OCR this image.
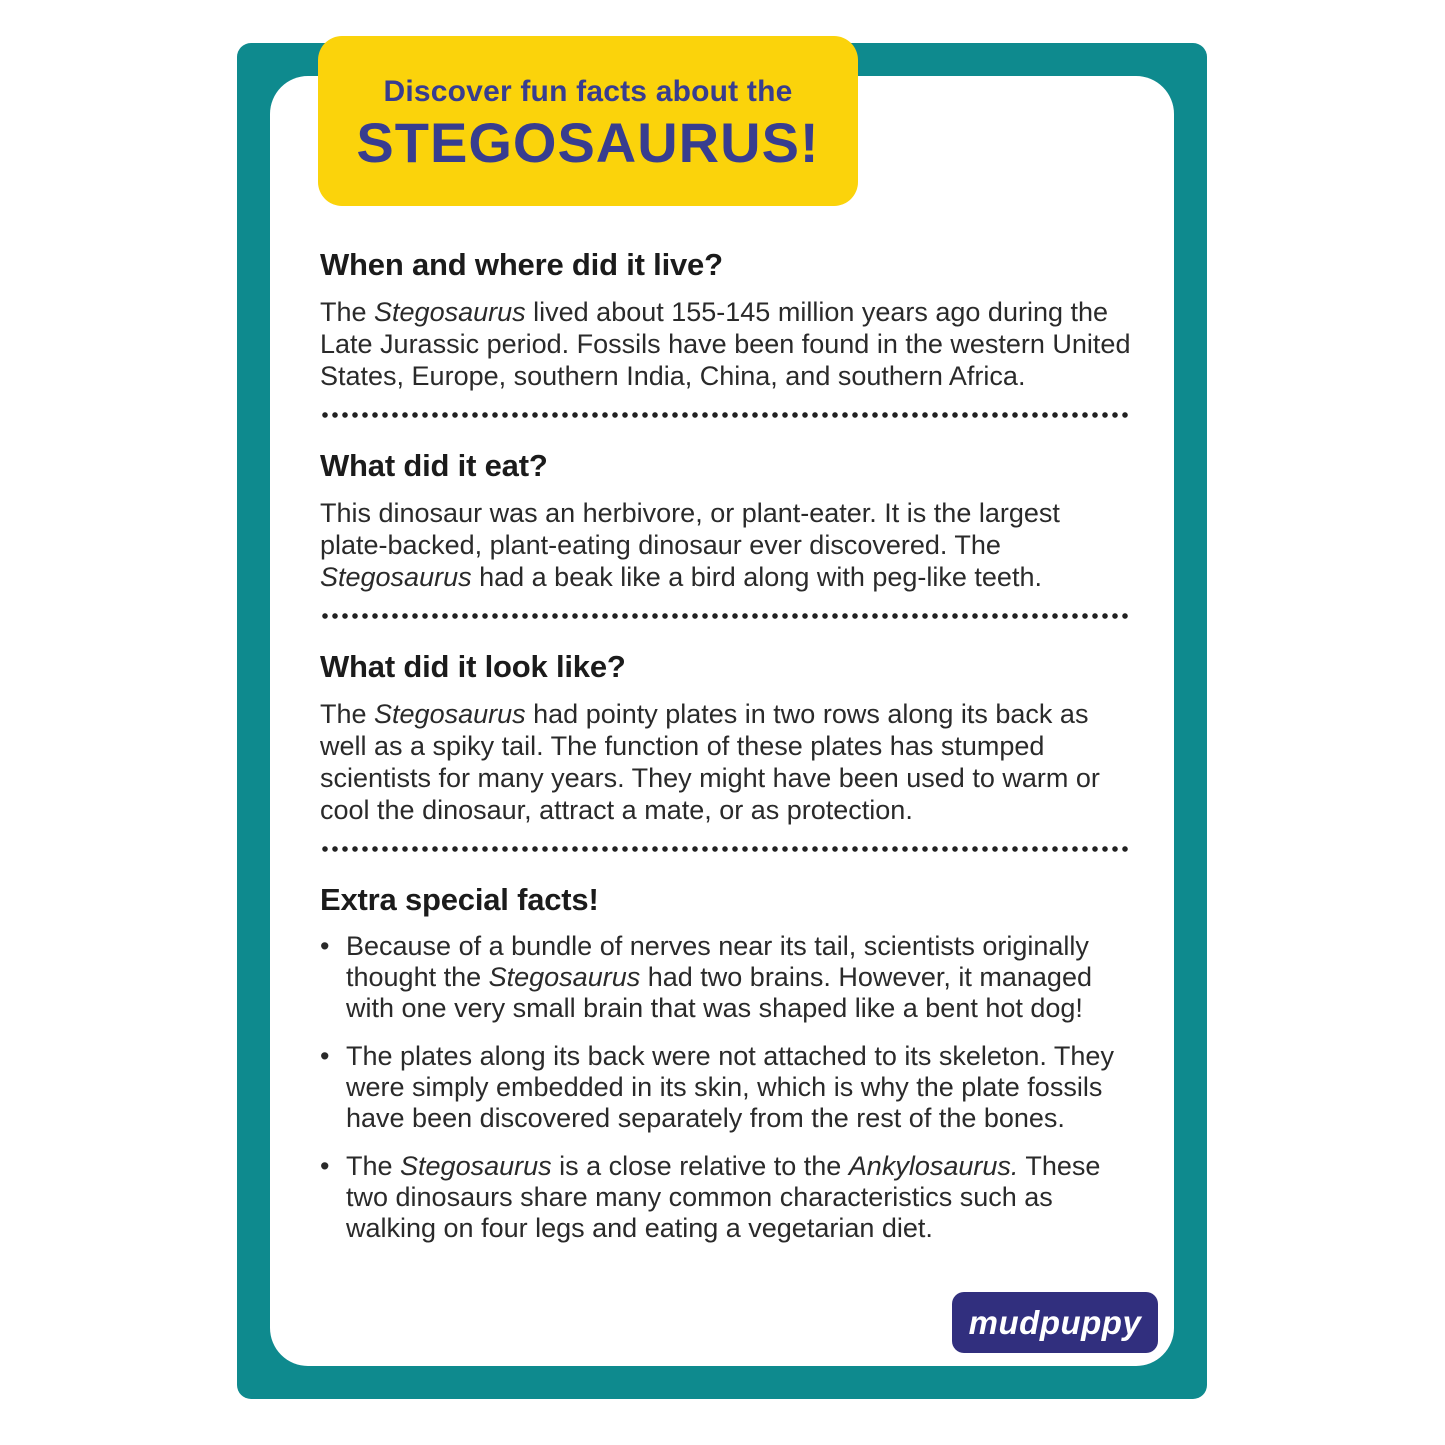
Discover fun facts about the
STEGOSAURUS!
When and where did it live?

The Stegosaurus lived about 155-145 million years ago during the Late Jurassic period. Fossils have been found in the western United States, Europe, southern India, China, and southern Africa.

What did it eat?

This dinosaur was an herbivore, or plant-eater. It is the largest plate-backed, plant-eating dinosaur ever discovered. The Stegosaurus had a beak like a bird along with peg-like teeth.

What did it look like?

The Stegosaurus had pointy plates in two rows along its back as well as a spiky tail. The function of these plates has stumped scientists for many years. They might have been used to warm or cool the dinosaur, attract a mate, or as protection.

Extra special facts!
• Because of a bundle of nerves near its tail, scientists originally thought the Stegosaurus had two brains. However, it managed with one very small brain that was shaped like a bent hot dog!
• The plates along its back were not attached to its skeleton. They were simply embedded in its skin, which is why the plate fossils have been discovered separately from the rest of the bones.
• The Stegosaurus is a close relative to the Ankylosaurus. These two dinosaurs share many common characteristics such as walking on four legs and eating a vegetarian diet.
mudpuppy
